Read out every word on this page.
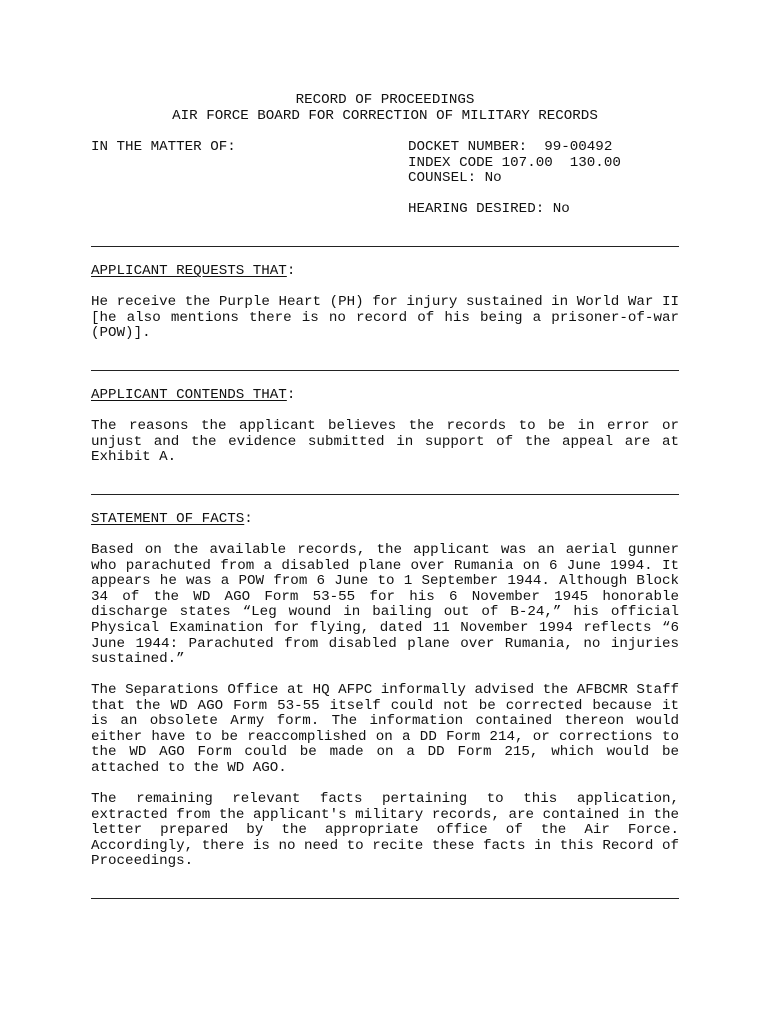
RECORD OF PROCEEDINGS
AIR FORCE BOARD FOR CORRECTION OF MILITARY RECORDS
IN THE MATTER OF:	DOCKET NUMBER:  99-00492
INDEX CODE 107.00  130.00
COUNSEL: No
HEARING DESIRED: No
APPLICANT REQUESTS THAT:
He receive the Purple Heart (PH) for injury sustained in World War II [he also mentions there is no record of his being a prisoner-of-war (POW)].
APPLICANT CONTENDS THAT:
The reasons the applicant believes the records to be in error or unjust and the evidence submitted in support of the appeal are at Exhibit A.
STATEMENT OF FACTS:
Based on the available records, the applicant was an aerial gunner who parachuted from a disabled plane over Rumania on 6 June 1994. It appears he was a POW from 6 June to 1 September 1944. Although Block 34 of the WD AGO Form 53-55 for his 6 November 1945 honorable discharge states “Leg wound in bailing out of B-24,” his official Physical Examination for flying, dated 11 November 1994 reflects “6 June 1944: Parachuted from disabled plane over Rumania, no injuries sustained.”
The Separations Office at HQ AFPC informally advised the AFBCMR Staff that the WD AGO Form 53-55 itself could not be corrected because it is an obsolete Army form. The information contained thereon would either have to be reaccomplished on a DD Form 214, or corrections to the WD AGO Form could be made on a DD Form 215, which would be attached to the WD AGO.
The remaining relevant facts pertaining to this application, extracted from the applicant's military records, are contained in the letter prepared by the appropriate office of the Air Force. Accordingly, there is no need to recite these facts in this Record of Proceedings.
